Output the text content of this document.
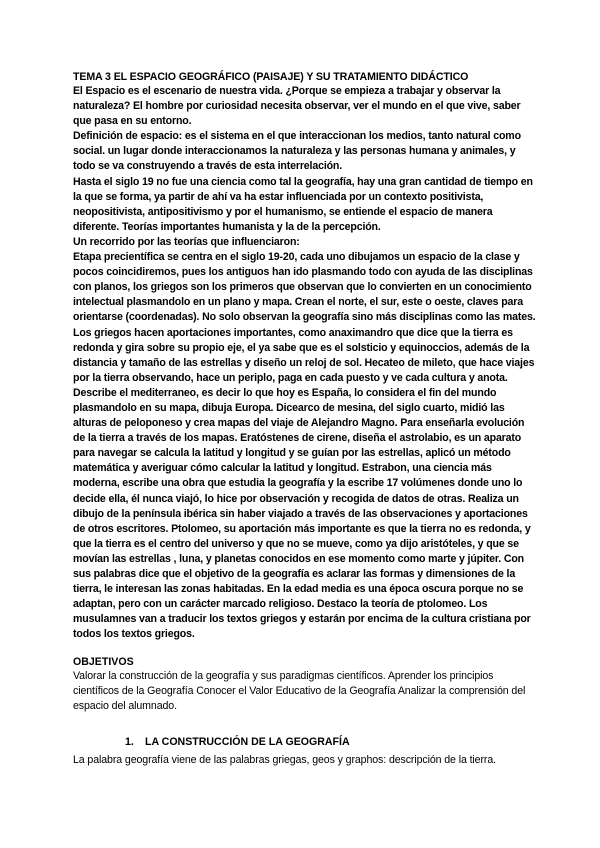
TEMA 3 EL ESPACIO GEOGRÁFICO (PAISAJE) Y SU TRATAMIENTO DIDÁCTICO

El Espacio es el escenario de nuestra vida. ¿Porque se empieza a trabajar y observar la naturaleza? El hombre por curiosidad necesita observar, ver el mundo en el que vive, saber que pasa en su entorno.

Definición de espacio: es el sistema en el que interaccionan los medios, tanto natural como social. un lugar donde interaccionamos la naturaleza y las personas humana y animales, y todo se va construyendo a través de esta interrelación.

Hasta el siglo 19 no fue una ciencia como tal la geografía, hay una gran cantidad de tiempo en la que se forma, ya partir de ahí va ha estar influenciada por un contexto positivista, neopositivista, antipositivismo y por el humanismo, se entiende el espacio de manera diferente. Teorías importantes humanista y la de la percepción.

Un recorrido por las teorías que influenciaron:

Etapa precientífica se centra en el siglo 19-20, cada uno dibujamos un espacio de la clase y pocos coincidiremos, pues los antiguos han ido plasmando todo con ayuda de las disciplinas con planos, los griegos son los primeros que observan que lo convierten en un conocimiento intelectual plasmandolo en un plano y mapa. Crean el norte, el sur, este o oeste, claves para orientarse (coordenadas). No solo observan la geografía sino más disciplinas como las mates. Los griegos hacen aportaciones importantes, como anaximandro que dice que la tierra es redonda y gira sobre su propio eje, el ya sabe que es el solsticio y equinoccios, además de la distancia y tamaño de las estrellas y diseño un reloj de sol. Hecateo de mileto, que hace viajes por la tierra observando, hace un periplo, paga en cada puesto y ve cada cultura y anota. Describe el mediterraneo, es decir lo que hoy es España, lo considera el fin del mundo plasmandolo en su mapa, dibuja Europa. Dicearco de mesina, del siglo cuarto, midió las alturas de peloponeso y crea mapas del viaje de Alejandro Magno. Para enseñarla evolución de la tierra a través de los mapas. Eratóstenes de cirene, diseña el astrolabio, es un aparato para navegar se calcula la latitud y longitud y se guían por las estrellas, aplicó un método matemática y averiguar cómo calcular la latitud y longitud. Estrabon, una ciencia más moderna, escribe una obra que estudia la geografía y la escribe 17 volúmenes donde uno lo decide ella, él nunca viajó, lo hice por observación y recogida de datos de otras. Realiza un dibujo de la península ibérica sin haber viajado a través de las observaciones y aportaciones de otros escritores. Ptolomeo, su aportación más importante es que la tierra no es redonda, y que la tierra es el centro del universo y que no se mueve, como ya dijo aristóteles, y que se movían las estrellas , luna, y planetas conocidos en ese momento como marte y júpiter. Con sus palabras dice que el objetivo de la geografía es aclarar las formas y dimensiones de la tierra, le interesan las zonas habitadas. En la edad media es una época oscura porque no se adaptan, pero con un carácter marcado religioso. Destaco la teoría de ptolomeo. Los musulamnes van a traducir los textos griegos y estarán por encima de la cultura cristiana por todos los textos griegos.

OBJETIVOS

Valorar la construcción de la geografía y sus paradigmas científicos. Aprender los principios científicos de la Geografía Conocer el Valor Educativo de la Geografía Analizar la comprensión del espacio del alumnado.

1. LA CONSTRUCCIÓN DE LA GEOGRAFÍA

La palabra geografía viene de las palabras griegas, geos y graphos: descripción de la tierra.
